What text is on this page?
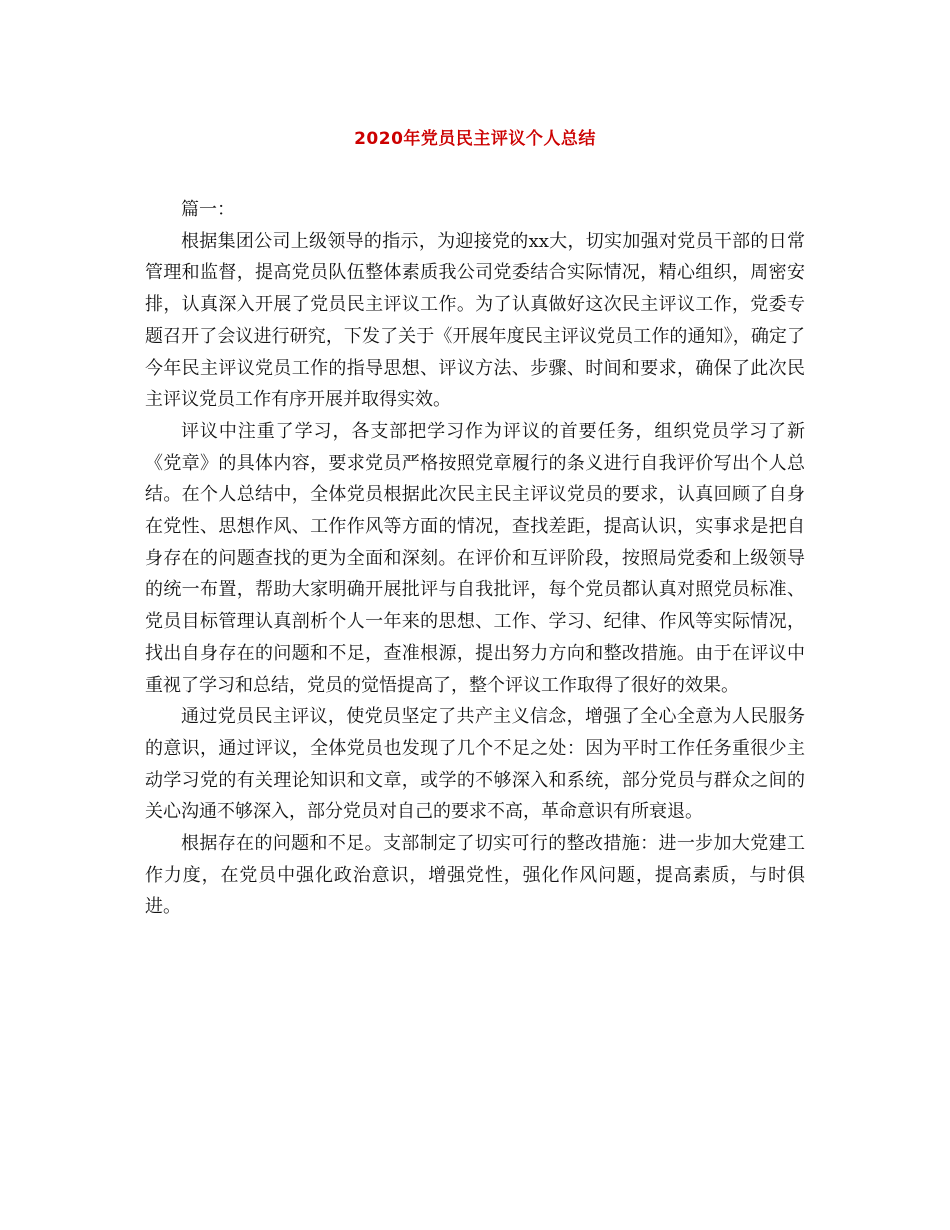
2020年党员民主评议个人总结

篇一：

根据集团公司上级领导的指示，为迎接党的xx大，切实加强对党员干部的日常管理和监督，提高党员队伍整体素质我公司党委结合实际情况，精心组织，周密安排，认真深入开展了党员民主评议工作。为了认真做好这次民主评议工作，党委专题召开了会议进行研究，下发了关于《开展年度民主评议党员工作的通知》，确定了今年民主评议党员工作的指导思想、评议方法、步骤、时间和要求，确保了此次民主评议党员工作有序开展并取得实效。

评议中注重了学习，各支部把学习作为评议的首要任务，组织党员学习了新《党章》的具体内容，要求党员严格按照党章履行的条义进行自我评价写出个人总结。在个人总结中，全体党员根据此次民主民主评议党员的要求，认真回顾了自身在党性、思想作风、工作作风等方面的情况，查找差距，提高认识，实事求是把自身存在的问题查找的更为全面和深刻。在评价和互评阶段，按照局党委和上级领导的统一布置，帮助大家明确开展批评与自我批评，每个党员都认真对照党员标准、党员目标管理认真剖析个人一年来的思想、工作、学习、纪律、作风等实际情况，找出自身存在的问题和不足，查准根源，提出努力方向和整改措施。由于在评议中重视了学习和总结，党员的觉悟提高了，整个评议工作取得了很好的效果。

通过党员民主评议，使党员坚定了共产主义信念，增强了全心全意为人民服务的意识，通过评议，全体党员也发现了几个不足之处：因为平时工作任务重很少主动学习党的有关理论知识和文章，或学的不够深入和系统，部分党员与群众之间的关心沟通不够深入，部分党员对自己的要求不高，革命意识有所衰退。

根据存在的问题和不足。支部制定了切实可行的整改措施：进一步加大党建工作力度，在党员中强化政治意识，增强党性，强化作风问题，提高素质，与时俱进。
